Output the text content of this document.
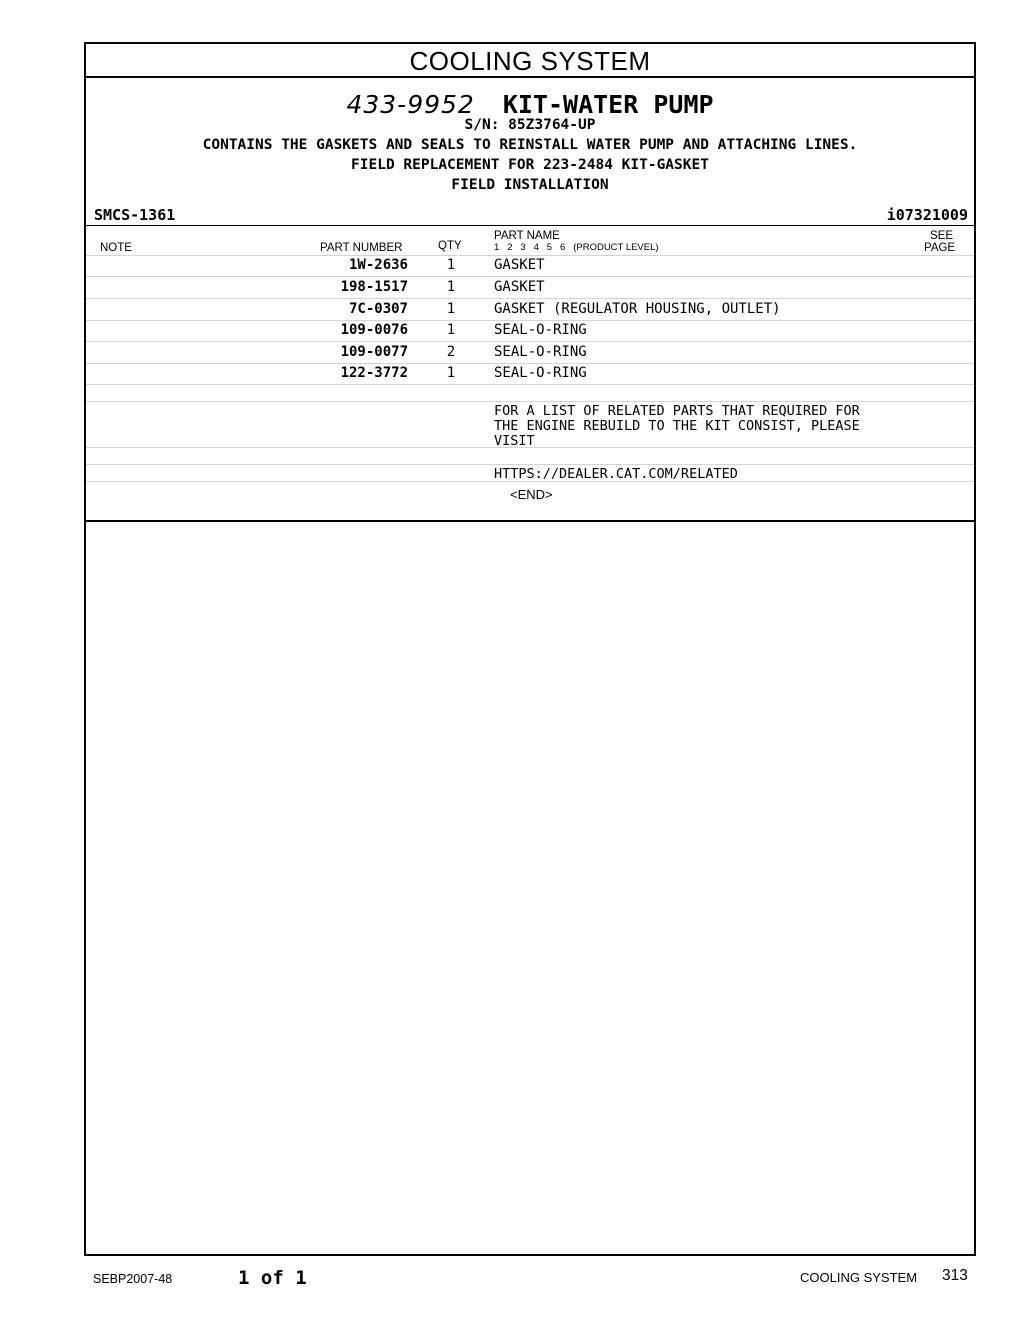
COOLING SYSTEM
433-9952 KIT-WATER PUMP
S/N: 85Z3764-UP
CONTAINS THE GASKETS AND SEALS TO REINSTALL WATER PUMP AND ATTACHING LINES.
FIELD REPLACEMENT FOR 223-2484 KIT-GASKET
FIELD INSTALLATION
SMCS-1361	i07321009
NOTE	PART NUMBER	QTY
PART NAME
1   2   3   4   5   6   (PRODUCT LEVEL)
SEE
PAGE
1W-2636	1	GASKET
198-1517	1	GASKET
7C-0307	1	GASKET (REGULATOR HOUSING, OUTLET)
109-0076	1	SEAL-O-RING
109-0077	2	SEAL-O-RING
122-3772	1	SEAL-O-RING
FOR A LIST OF RELATED PARTS THAT REQUIRED FOR
THE ENGINE REBUILD TO THE KIT CONSIST, PLEASE
VISIT
HTTPS://DEALER.CAT.COM/RELATED
<END>
SEBP2007-48	1 of 1	COOLING SYSTEM 313
